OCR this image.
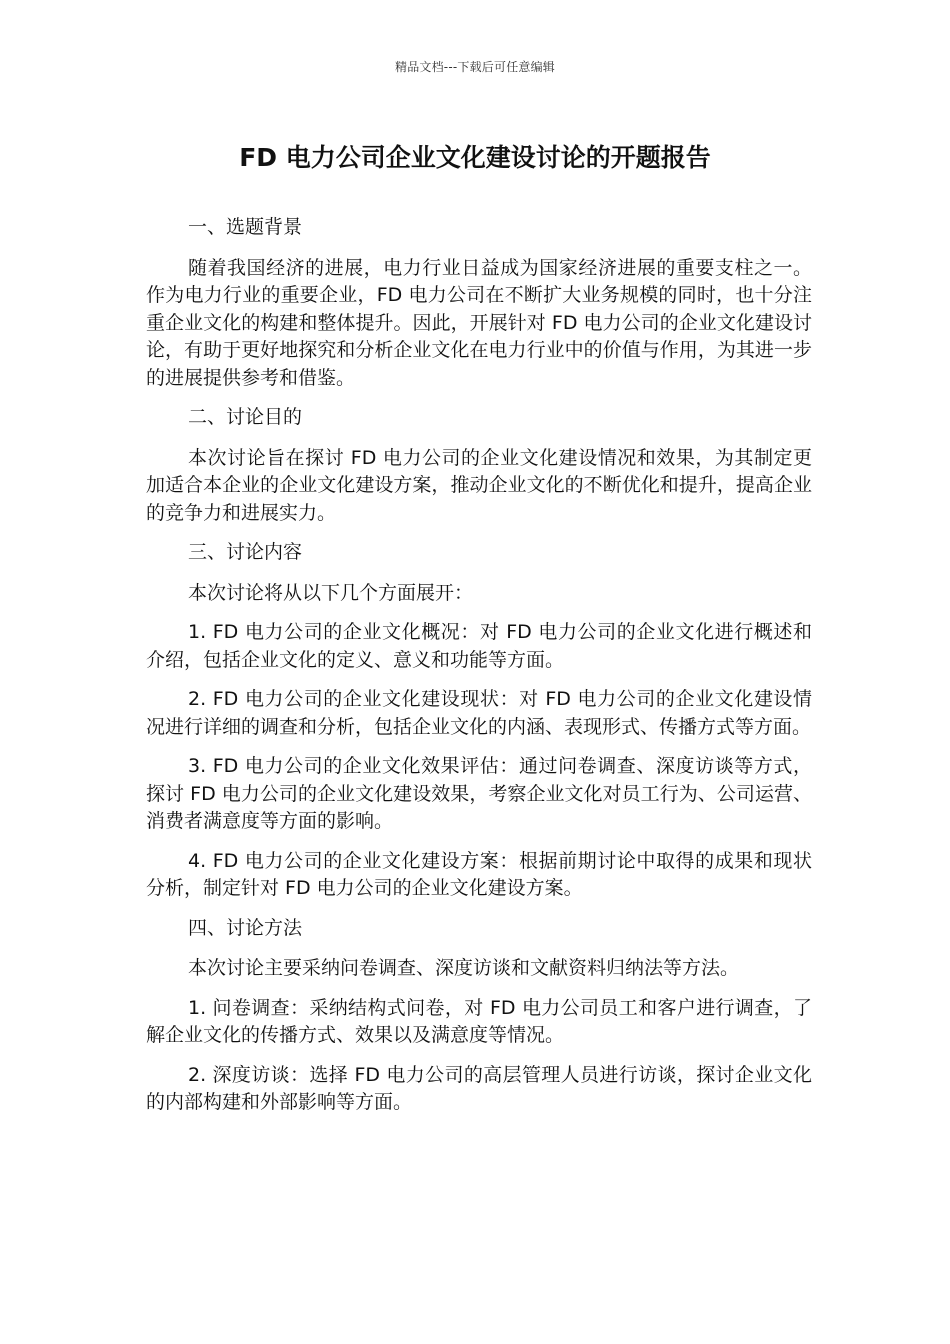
精品文档---下载后可任意编辑
FD 电力公司企业文化建设讨论的开题报告

一、选题背景

随着我国经济的进展，电力行业日益成为国家经济进展的重要支柱之一。作为电力行业的重要企业，FD 电力公司在不断扩大业务规模的同时，也十分注重企业文化的构建和整体提升。因此，开展针对 FD 电力公司的企业文化建设讨论，有助于更好地探究和分析企业文化在电力行业中的价值与作用，为其进一步的进展提供参考和借鉴。

二、讨论目的

本次讨论旨在探讨 FD 电力公司的企业文化建设情况和效果，为其制定更加适合本企业的企业文化建设方案，推动企业文化的不断优化和提升，提高企业的竞争力和进展实力。

三、讨论内容

本次讨论将从以下几个方面展开：

1. FD 电力公司的企业文化概况：对 FD 电力公司的企业文化进行概述和介绍，包括企业文化的定义、意义和功能等方面。

2. FD 电力公司的企业文化建设现状：对 FD 电力公司的企业文化建设情况进行详细的调查和分析，包括企业文化的内涵、表现形式、传播方式等方面。

3. FD 电力公司的企业文化效果评估：通过问卷调查、深度访谈等方式，探讨 FD 电力公司的企业文化建设效果，考察企业文化对员工行为、公司运营、消费者满意度等方面的影响。

4. FD 电力公司的企业文化建设方案：根据前期讨论中取得的成果和现状分析，制定针对 FD 电力公司的企业文化建设方案。

四、讨论方法

本次讨论主要采纳问卷调查、深度访谈和文献资料归纳法等方法。

1. 问卷调查：采纳结构式问卷，对 FD 电力公司员工和客户进行调查，了解企业文化的传播方式、效果以及满意度等情况。

2. 深度访谈：选择 FD 电力公司的高层管理人员进行访谈，探讨企业文化的内部构建和外部影响等方面。
